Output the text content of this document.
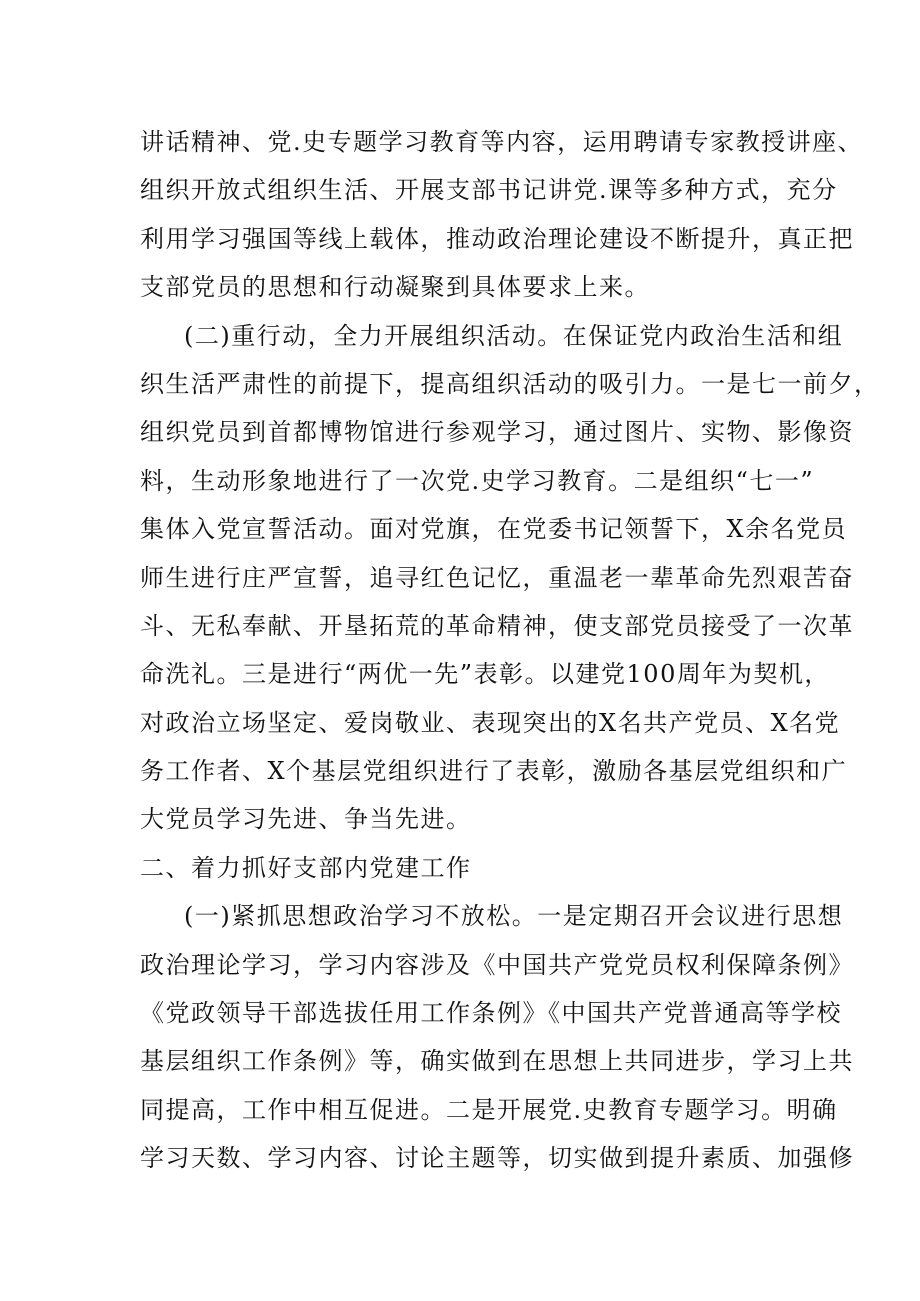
讲话精神、党.史专题学习教育等内容，运用聘请专家教授讲座、
组织开放式组织生活、开展支部书记讲党.课等多种方式，充分
利用学习强国等线上载体，推动政治理论建设不断提升，真正把
支部党员的思想和行动凝聚到具体要求上来。
(二)重行动，全力开展组织活动。在保证党内政治生活和组
织生活严肃性的前提下，提高组织活动的吸引力。一是七一前夕，
组织党员到首都博物馆进行参观学习，通过图片、实物、影像资
料，生动形象地进行了一次党.史学习教育。二是组织“七一”
集体入党宣誓活动。面对党旗，在党委书记领誓下，X余名党员
师生进行庄严宣誓，追寻红色记忆，重温老一辈革命先烈艰苦奋
斗、无私奉献、开垦拓荒的革命精神，使支部党员接受了一次革
命洗礼。三是进行“两优一先”表彰。以建党100周年为契机，
对政治立场坚定、爱岗敬业、表现突出的X名共产党员、X名党
务工作者、X个基层党组织进行了表彰，激励各基层党组织和广
大党员学习先进、争当先进。
二、着力抓好支部内党建工作
(一)紧抓思想政治学习不放松。一是定期召开会议进行思想
政治理论学习，学习内容涉及《中国共产党党员权利保障条例》
《党政领导干部选拔任用工作条例》《中国共产党普通高等学校
基层组织工作条例》等，确实做到在思想上共同进步，学习上共
同提高，工作中相互促进。二是开展党.史教育专题学习。明确
学习天数、学习内容、讨论主题等，切实做到提升素质、加强修
